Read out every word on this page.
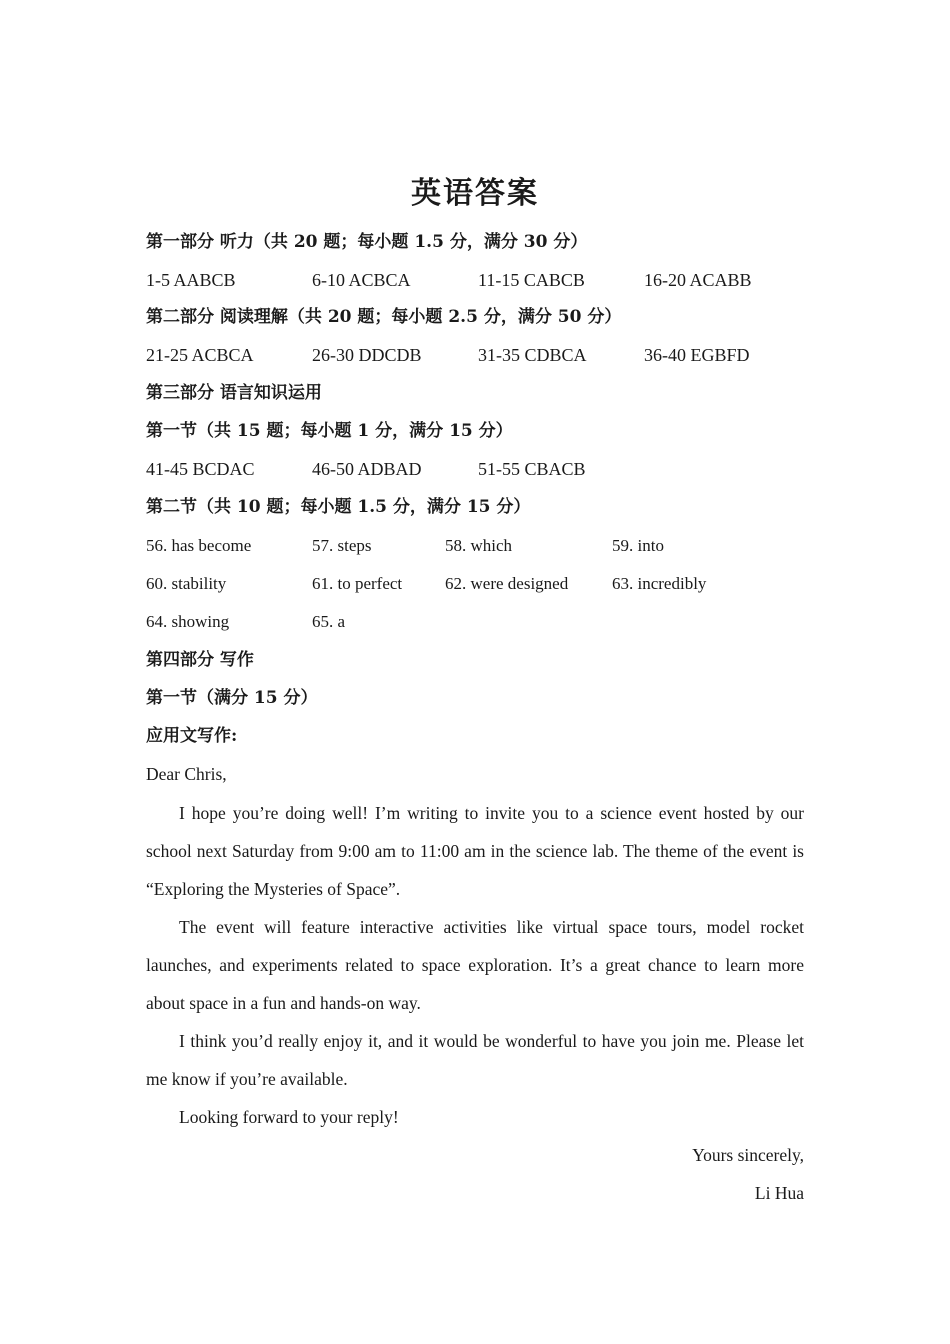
英语答案
第一部分 听力（共 20 题；每小题 1.5 分，满分 30 分）
1-5 AABCB	6-10 ACBCA	11-15 CABCB	16-20 ACABB
第二部分 阅读理解（共 20 题；每小题 2.5 分，满分 50 分）
21-25 ACBCA	26-30 DDCDB	31-35 CDBCA	36-40 EGBFD
第三部分 语言知识运用
第一节（共 15 题；每小题 1 分，满分 15 分）
41-45 BCDAC	46-50 ADBAD	51-55 CBACB
第二节（共 10 题；每小题 1.5 分，满分 15 分）
56. has become	57. steps	58. which	59. into
60. stability	61. to perfect	62. were designed	63. incredibly
64. showing	65. a
第四部分 写作
第一节（满分 15 分）
应用文写作:
Dear Chris,
I hope you’re doing well! I’m writing to invite you to a science event hosted by our school next Saturday from 9:00 am to 11:00 am in the science lab. The theme of the event is “Exploring the Mysteries of Space”.
The event will feature interactive activities like virtual space tours, model rocket launches, and experiments related to space exploration. It’s a great chance to learn more about space in a fun and hands-on way.
I think you’d really enjoy it, and it would be wonderful to have you join me. Please let me know if you’re available.
Looking forward to your reply!
Yours sincerely,
Li Hua
